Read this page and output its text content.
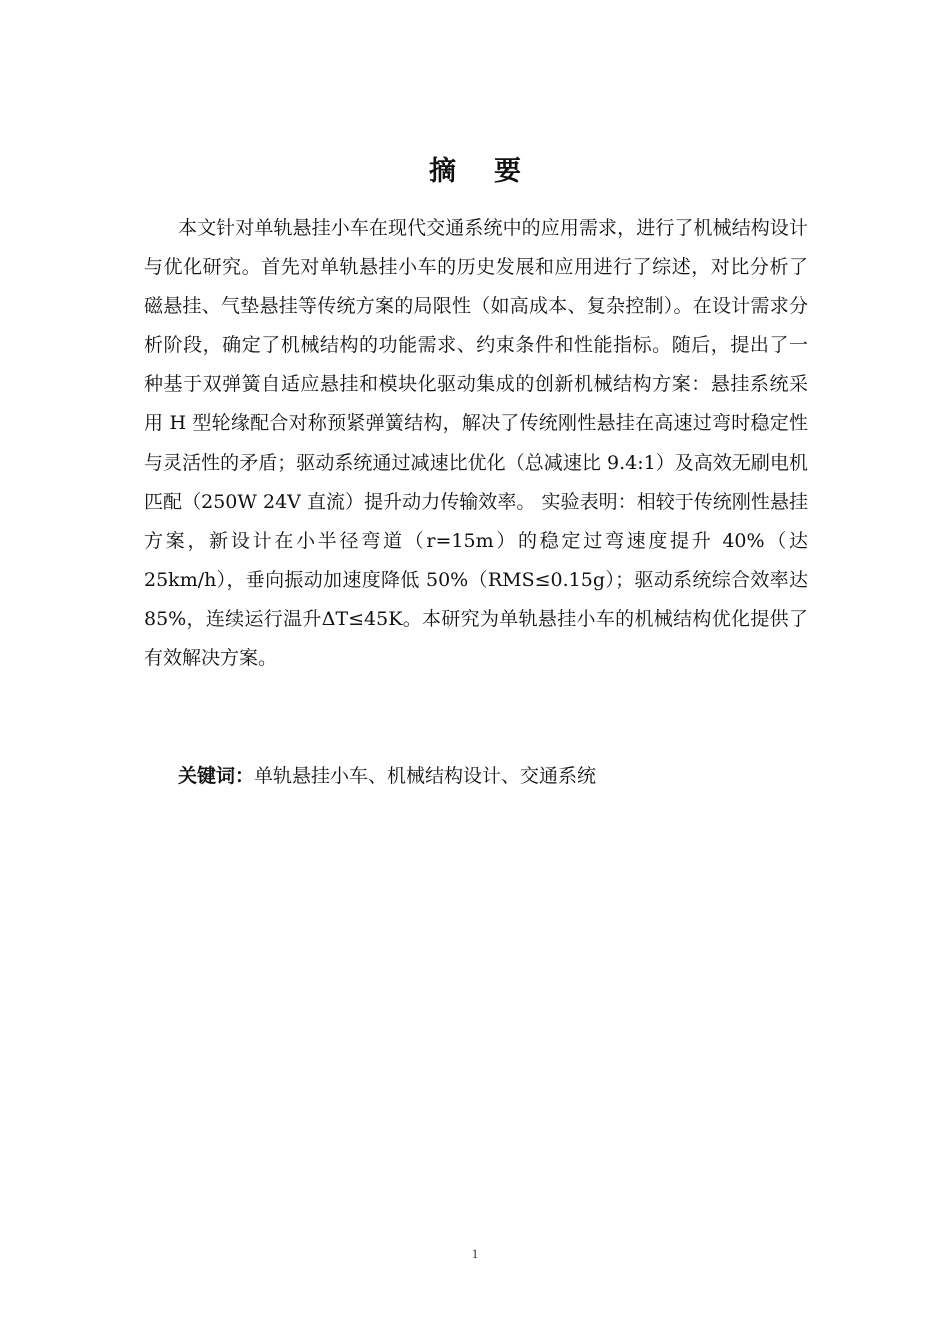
摘要

本文针对单轨悬挂小车在现代交通系统中的应用需求，进行了机械结构设计与优化研究。首先对单轨悬挂小车的历史发展和应用进行了综述，对比分析了磁悬挂、气垫悬挂等传统方案的局限性（如高成本、复杂控制）。在设计需求分析阶段，确定了机械结构的功能需求、约束条件和性能指标。随后，提出了一种基于双弹簧自适应悬挂和模块化驱动集成的创新机械结构方案：悬挂系统采用 H 型轮缘配合对称预紧弹簧结构，解决了传统刚性悬挂在高速过弯时稳定性与灵活性的矛盾；驱动系统通过减速比优化（总减速比 9.4:1）及高效无刷电机匹配（250W 24V 直流）提升动力传输效率。 实验表明：相较于传统刚性悬挂方案，新设计在小半径弯道（r=15m）的稳定过弯速度提升 40%（达 25km/h），垂向振动加速度降低 50%（RMS≤0.15g）；驱动系统综合效率达 85%，连续运行温升ΔT≤45K。本研究为单轨悬挂小车的机械结构优化提供了有效解决方案。

关键词：单轨悬挂小车、机械结构设计、交通系统
1
